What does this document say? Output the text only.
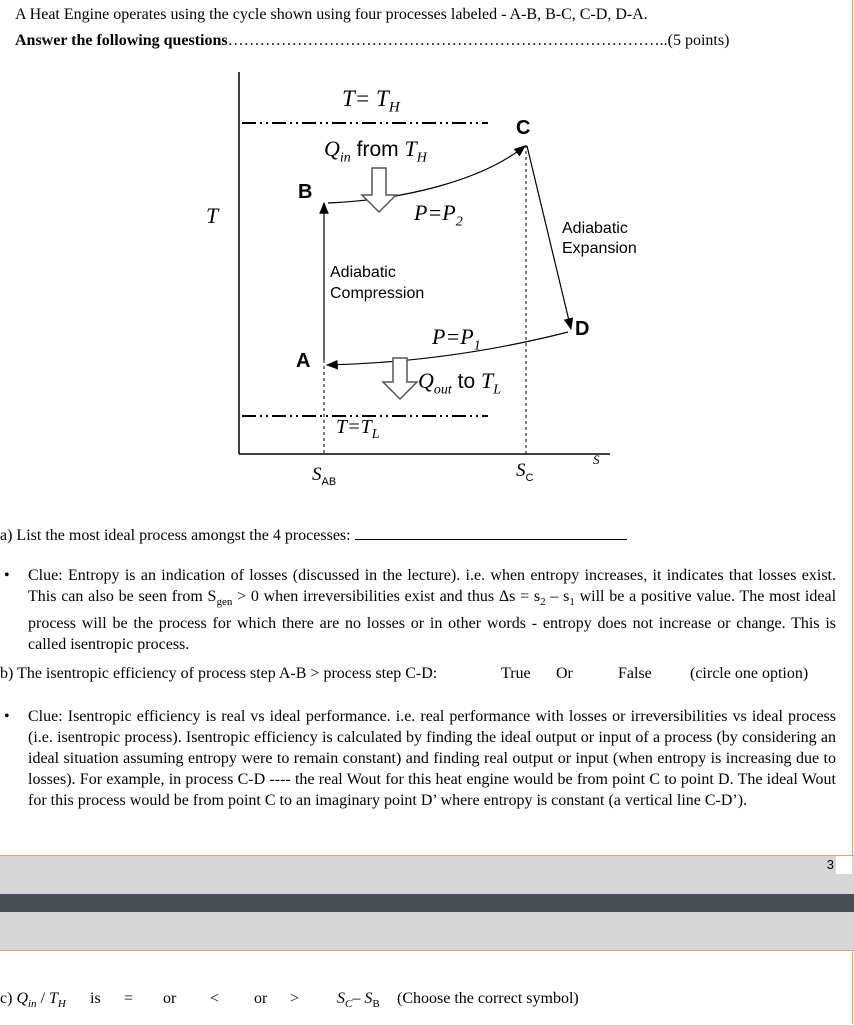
A Heat Engine operates using the cycle shown using four processes labeled - A-B, B-C, C-D, D-A.
Answer the following questions………………………………………………………………………..(5 points)
T
S
$T= T_H$
$Q_{in}$ from $T_H$
B
C
D
A
$P=P_2$	Adiabatic
Expansion
Adiabatic
Compression
$P=P_1$
$Q_{out}$ to $T_L$
$T=T_L$
$S_{AB}$
$S_C$
a) List the most ideal process amongst the 4 processes:
• Clue: Entropy is an indication of losses (discussed in the lecture). i.e. when entropy increases, it indicates that losses exist. This can also be seen from $S_{gen} > 0$ when irreversibilities exist and thus $\Delta s = s_2 - s_1$ will be a positive value. The most ideal process will be the process for which there are no losses or in other words - entropy does not increase or change. This is called isentropic process.
b) The isentropic efficiency of process step A-B > process step C-D:	True Or	False (circle one option)
• Clue: Isentropic efficiency is real vs ideal performance. i.e. real performance with losses or irreversibilities vs ideal process (i.e. isentropic process). Isentropic efficiency is calculated by finding the ideal output or input of a process (by considering an ideal situation assuming entropy were to remain constant) and finding real output or input (when entropy is increasing due to losses). For example, in process C-D ---- the real Wout for this heat engine would be from point C to point D. The ideal Wout for this process would be from point C to an imaginary point D’ where entropy is constant (a vertical line C-D’).
3
c) $Q_{in} / T_H$ is = or < or > $S_C-$ $S_B$ (Choose the correct symbol)
